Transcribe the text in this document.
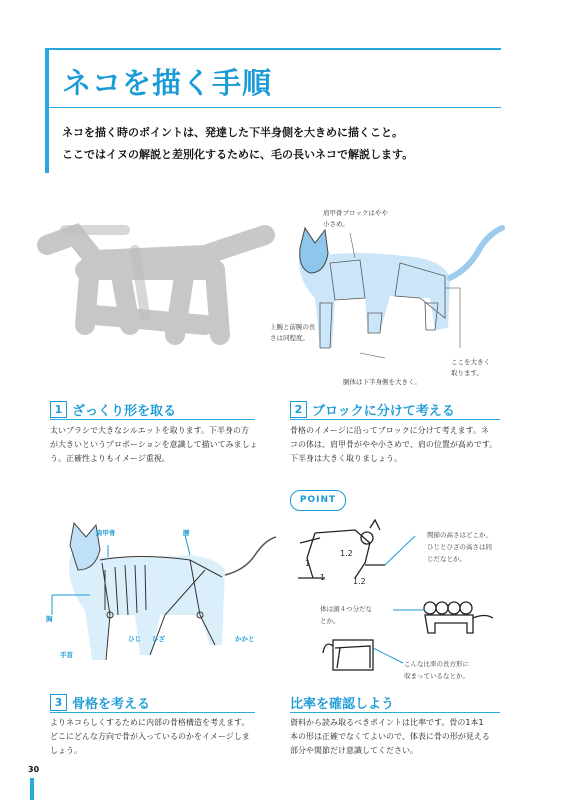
ネコを描く手順
ネコを描く時のポイントは、発達した下半身側を大きめに描くこと。
ここではイヌの解説と差別化するために、毛の長いネコで解説します。
肩甲骨ブロックはやや
小さめ。
上腕と前腕の長
さは同程度。
胴体は下半身側を大きく。
ここを大きく
取ります。
1 ざっくり形を取る
太いブラシで大きなシルエットを取ります。下半身の方
が大きいというプロポーションを意識して描いてみましょ
う。正確性よりもイメージ重視。
2 ブロックに分けて考える
骨格のイメージに沿ってブロックに分けて考えます。ネ
コの体は、肩甲骨がやや小さめで、肩の位置が高めです。
下半身は大きく取りましょう。
肩甲骨	腰
胸
手首
ひじ ひざ	かかと
POINT
1.2
1
1	1.2
関節の高さはどこか、
ひじとひざの高さは同
じだなとか。
体は頭４つ分だな
とか。
こんな比率の長方形に
収まっているなとか。
3 骨格を考える
よりネコらしくするために内部の骨格構造を考えます。
どこにどんな方向で骨が入っているのかをイメージしま
しょう。
比率を確認しよう
資料から読み取るべきポイントは比率です。骨の1本1
本の形は正確でなくてよいので、体表に骨の形が見える
部分や関節だけ意識してください。
30
